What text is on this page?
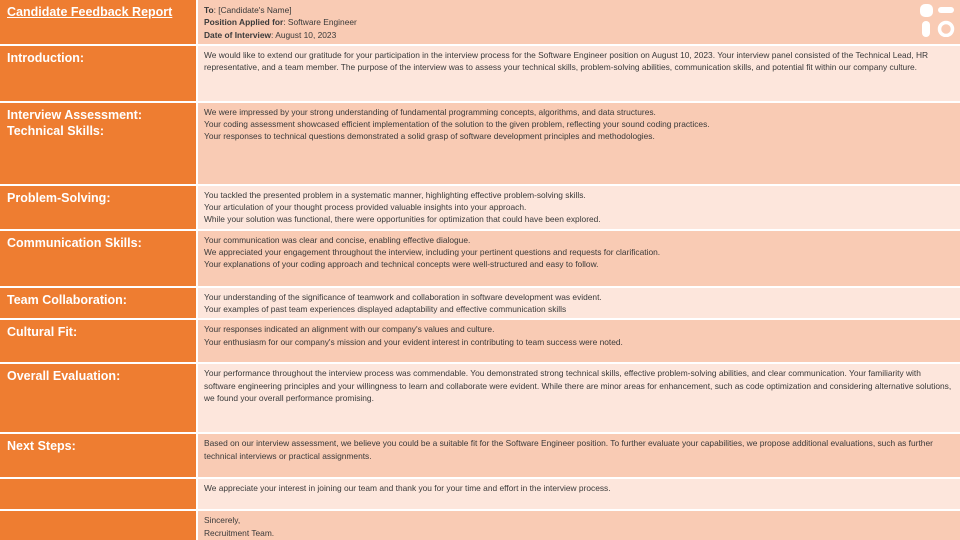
Candidate Feedback Report	To: [Candidate's Name]
Position Applied for: Software Engineer
Date of Interview: August 10, 2023

Introduction:	We would like to extend our gratitude for your participation in the interview process for the Software Engineer position on August 10, 2023. Your interview panel consisted of the Technical Lead, HR representative, and a team member. The purpose of the interview was to assess your technical skills, problem-solving abilities, communication skills, and potential fit within our company culture.
Interview Assessment: Technical Skills:	We were impressed by your strong understanding of fundamental programming concepts, algorithms, and data structures.
Your coding assessment showcased efficient implementation of the solution to the given problem, reflecting your sound coding practices.
Your responses to technical questions demonstrated a solid grasp of software development principles and methodologies.

Problem-Solving:	You tackled the presented problem in a systematic manner, highlighting effective problem-solving skills.
Your articulation of your thought process provided valuable insights into your approach.
While your solution was functional, there were opportunities for optimization that could have been explored.

Communication Skills:	Your communication was clear and concise, enabling effective dialogue.
We appreciated your engagement throughout the interview, including your pertinent questions and requests for clarification.
Your explanations of your coding approach and technical concepts were well-structured and easy to follow.

Team Collaboration:	Your understanding of the significance of teamwork and collaboration in software development was evident.
Your examples of past team experiences displayed adaptability and effective communication skills

Cultural Fit:	Your responses indicated an alignment with our company's values and culture.
Your enthusiasm for our company's mission and your evident interest in contributing to team success were noted.

Overall Evaluation:	Your performance throughout the interview process was commendable. You demonstrated strong technical skills, effective problem-solving abilities, and clear communication. Your familiarity with software engineering principles and your willingness to learn and collaborate were evident. While there are minor areas for enhancement, such as code optimization and considering alternative solutions, we found your overall performance promising.
Next Steps:	Based on our interview assessment, we believe you could be a suitable fit for the Software Engineer position. To further evaluate your capabilities, we propose additional evaluations, such as further technical interviews or practical assignments.
	We appreciate your interest in joining our team and thank you for your time and effort in the interview process.

	Sincerely,
Recruitment Team.
